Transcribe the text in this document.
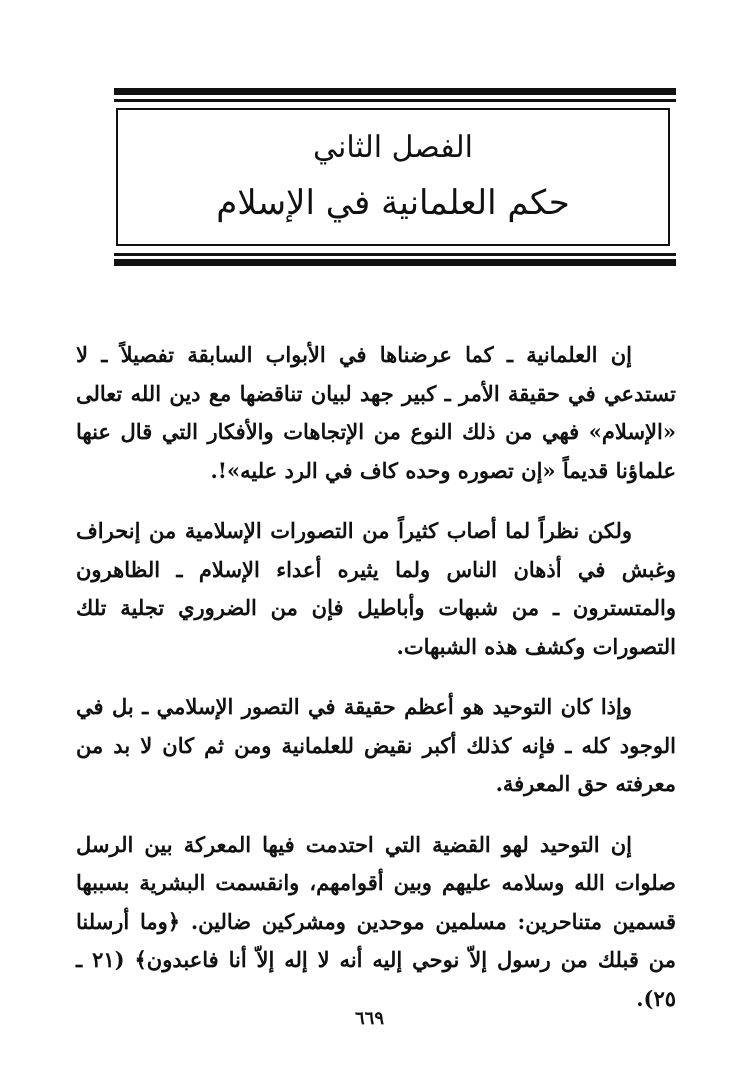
الفصل الثاني
حكم العلمانية في الإسلام

إن العلمانية ـ كما عرضناها في الأبواب السابقة تفصيلاً ـ لا تستدعي في حقيقة الأمر ـ كبير جهد لبيان تناقضها مع دين الله تعالى «الإسلام» فهي من ذلك النوع من الإتجاهات والأفكار التي قال عنها علماؤنا قديماً «إن تصوره وحده كاف في الرد عليه»!.

ولكن نظراً لما أصاب كثيراً من التصورات الإسلامية من إنحراف وغبش في أذهان الناس ولما يثيره أعداء الإسلام ـ الظاهرون والمتسترون ـ من شبهات وأباطيل فإن من الضروري تجلية تلك التصورات وكشف هذه الشبهات.

وإذا كان التوحيد هو أعظم حقيقة في التصور الإسلامي ـ بل في الوجود كله ـ فإنه كذلك أكبر نقيض للعلمانية ومن ثم كان لا بد من معرفته حق المعرفة.

إن التوحيد لهو القضية التي احتدمت فيها المعركة بين الرسل صلوات الله وسلامه عليهم وبين أقوامهم، وانقسمت البشرية بسببها قسمين متناحرين: مسلمين موحدين ومشركين ضالين. ﴿وما أرسلنا من قبلك من رسول إلاّ نوحي إليه أنه لا إله إلاّ أنا فاعبدون﴾ (٢١ ـ ٢٥).

٦٦٩
